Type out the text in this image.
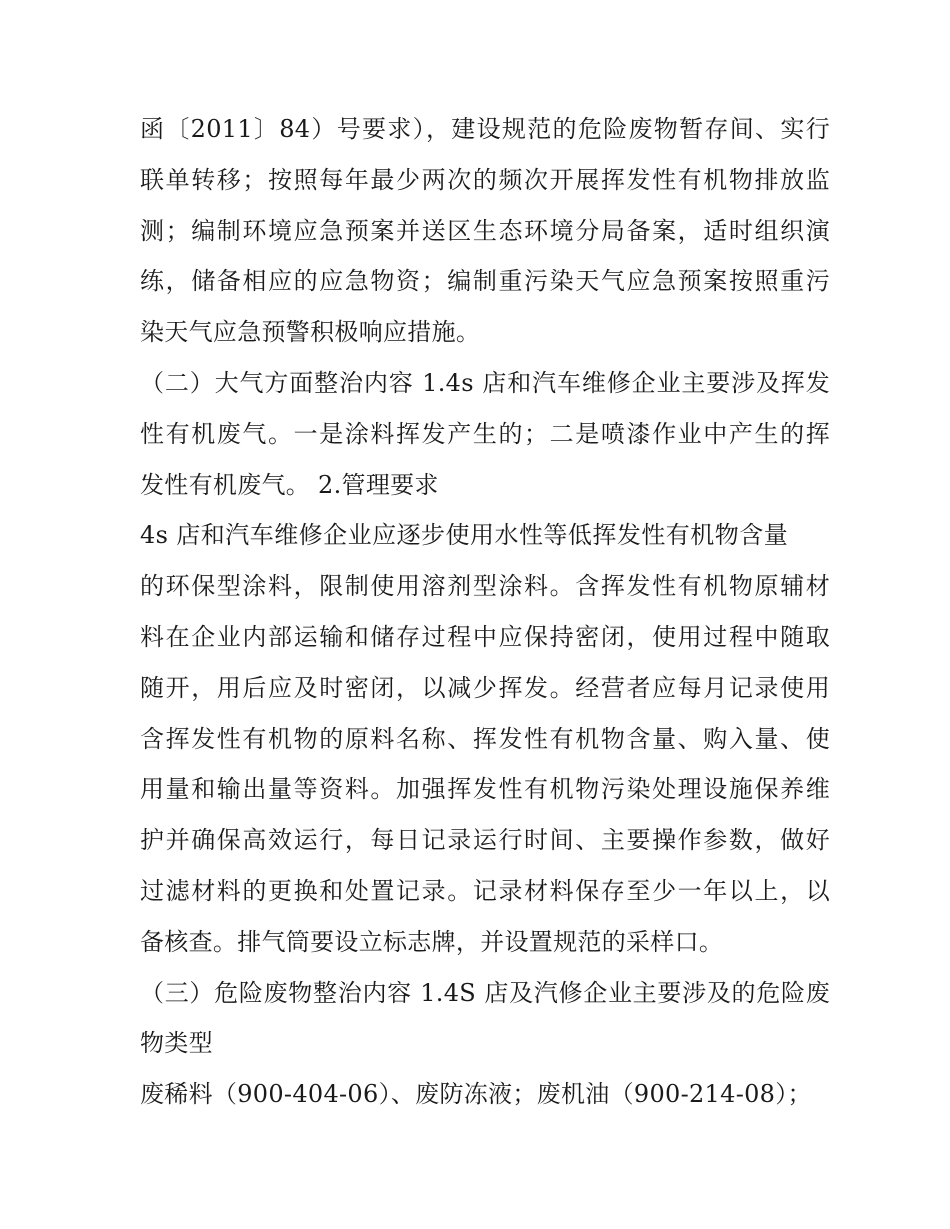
函〔2011〕84）号要求），建设规范的危险废物暂存间、实行
联单转移；按照每年最少两次的频次开展挥发性有机物排放监
测；编制环境应急预案并送区生态环境分局备案，适时组织演
练，储备相应的应急物资；编制重污染天气应急预案按照重污
染天气应急预警积极响应措施。
（二）大气方面整治内容 1.4s 店和汽车维修企业主要涉及挥发
性有机废气。一是涂料挥发产生的；二是喷漆作业中产生的挥
发性有机废气。 2.管理要求
4s 店和汽车维修企业应逐步使用水性等低挥发性有机物含量
的环保型涂料，限制使用溶剂型涂料。含挥发性有机物原辅材
料在企业内部运输和储存过程中应保持密闭，使用过程中随取
随开，用后应及时密闭，以减少挥发。经营者应每月记录使用
含挥发性有机物的原料名称、挥发性有机物含量、购入量、使
用量和输出量等资料。加强挥发性有机物污染处理设施保养维
护并确保高效运行，每日记录运行时间、主要操作参数，做好
过滤材料的更换和处置记录。记录材料保存至少一年以上，以
备核查。排气筒要设立标志牌，并设置规范的采样口。
（三）危险废物整治内容 1.4S 店及汽修企业主要涉及的危险废
物类型
废稀料（900-404-06）、废防冻液；废机油（900-214-08）；
